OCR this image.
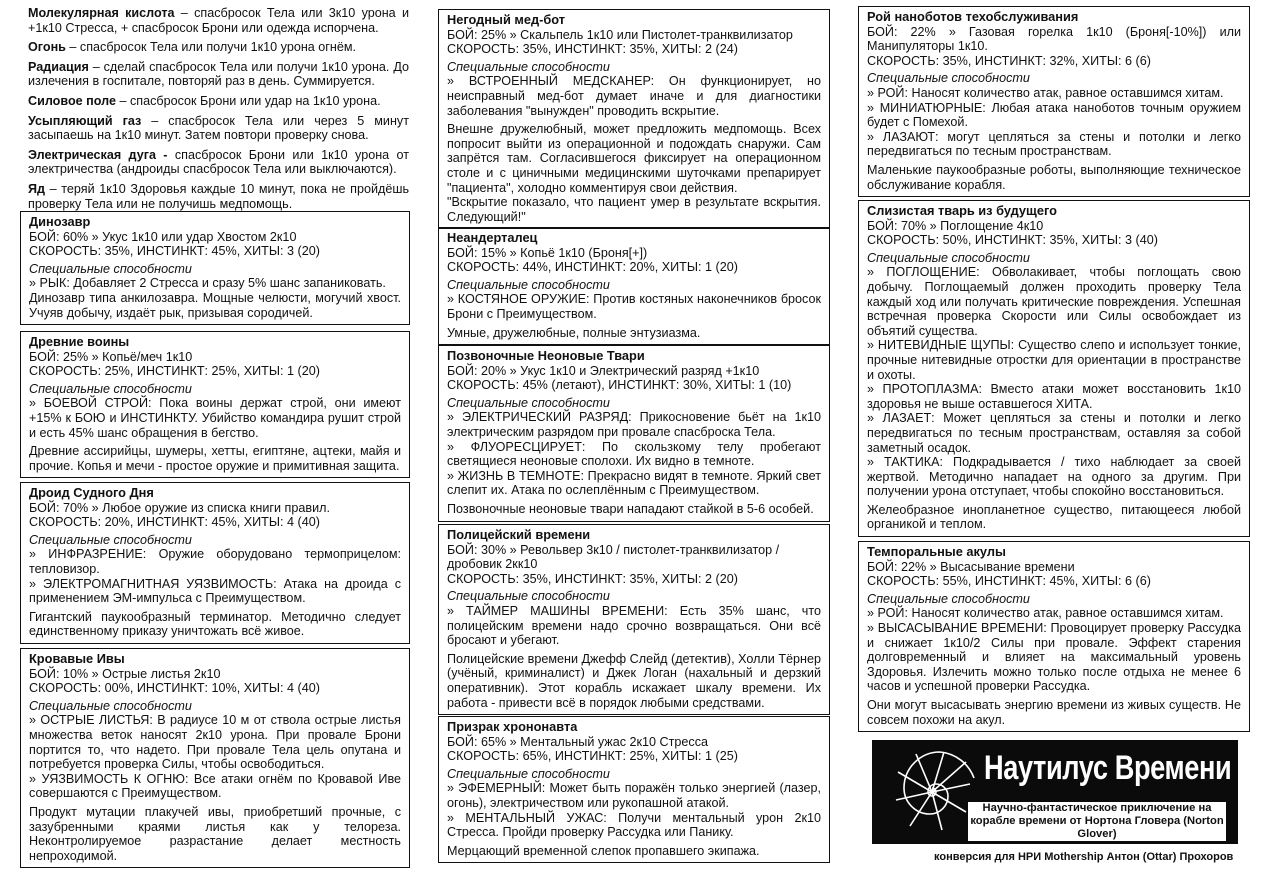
Молекулярная кислота – спасбросок Тела или 3к10 урона и +1к10 Стресса, + спасбросок Брони или одежда испорчена.

Огонь – спасбросок Тела или получи 1к10 урона огнём.

Радиация – сделай спасбросок Тела или получи 1к10 урона. До излечения в госпитале, повторяй раз в день. Суммируется.

Силовое поле – спасбросок Брони или удар на 1к10 урона.

Усыпляющий газ – спасбросок Тела или через 5 минут засыпаешь на 1к10 минут. Затем повтори проверку снова.

Электрическая дуга - спасбросок Брони или 1к10 урона от электричества (андроиды спасбросок Тела или выключаются).

Яд – теряй 1к10 Здоровья каждые 10 минут, пока не пройдёшь проверку Тела или не получишь медпомощь.

Динозавр
БОЙ: 60% » Укус 1к10 или удар Хвостом 2к10
СКОРОСТЬ: 35%, ИНСТИНКТ: 45%, ХИТЫ: 3 (20)
Специальные способности
» РЫК: Добавляет 2 Стресса и сразу 5% шанс запаниковать.
Динозавр типа анкилозавра. Мощные челюсти, могучий хвост. Учуяв добычу, издаёт рык, призывая сородичей.
Древние воины
БОЙ: 25% » Копьё/меч 1к10
СКОРОСТЬ: 25%, ИНСТИНКТ: 25%, ХИТЫ: 1 (20)
Специальные способности
» БОЕВОЙ СТРОЙ: Пока воины держат строй, они имеют +15% к БОЮ и ИНСТИНКТУ. Убийство командира рушит строй и есть 45% шанс обращения в бегство.
Древние ассирийцы, шумеры, хетты, египтяне, ацтеки, майя и прочие. Копья и мечи - простое оружие и примитивная защита.
Дроид Судного Дня
БОЙ: 70% » Любое оружие из списка книги правил.
СКОРОСТЬ: 20%, ИНСТИНКТ: 45%, ХИТЫ: 4 (40)
Специальные способности
» ИНФРАЗРЕНИЕ: Оружие оборудовано термоприцелом: тепловизор.
» ЭЛЕКТРОМАГНИТНАЯ УЯЗВИМОСТЬ: Атака на дроида с применением ЭМ-импульса с Преимуществом.
Гигантский паукообразный терминатор. Методично следует единственному приказу уничтожать всё живое.
Кровавые Ивы
БОЙ: 10% » Острые листья 2к10
СКОРОСТЬ: 00%, ИНСТИНКТ: 10%, ХИТЫ: 4 (40)
Специальные способности
» ОСТРЫЕ ЛИСТЬЯ: В радиусе 10 м от ствола острые листья множества веток наносят 2к10 урона. При провале Брони портится то, что надето. При провале Тела цель опутана и потребуется проверка Силы, чтобы освободиться.
» УЯЗВИМОСТЬ К ОГНЮ: Все атаки огнём по Кровавой Иве совершаются с Преимуществом.
Продукт мутации плакучей ивы, приобретший прочные, с зазубренными краями листья как у телореза. Неконтролируемое разрастание делает местность непроходимой.
Негодный мед-бот
БОЙ: 25% » Скальпель 1к10 или Пистолет-транквилизатор
СКОРОСТЬ: 35%, ИНСТИНКТ: 35%, ХИТЫ: 2 (24)
Специальные способности
» ВСТРОЕННЫЙ МЕДСКАНЕР: Он функционирует, но неисправный мед-бот думает иначе и для диагностики заболевания "вынужден" проводить вскрытие.
Внешне дружелюбный, может предложить медпомощь. Всех попросит выйти из операционной и подождать снаружи. Сам запрётся там. Согласившегося фиксирует на операционном столе и с циничными медицинскими шуточками препарирует "пациента", холодно комментируя свои действия.
"Вскрытие показало, что пациент умер в результате вскрытия. Следующий!"
Неандерталец
БОЙ: 15% » Копьё 1к10 (Броня[+])
СКОРОСТЬ: 44%, ИНСТИНКТ: 20%, ХИТЫ: 1 (20)
Специальные способности
» КОСТЯНОЕ ОРУЖИЕ: Против костяных наконечников бросок Брони с Преимуществом.
Умные, дружелюбные, полные энтузиазма.
Позвоночные Неоновые Твари
БОЙ: 20% » Укус 1к10 и Электрический разряд +1к10
СКОРОСТЬ: 45% (летают), ИНСТИНКТ: 30%, ХИТЫ: 1 (10)
Специальные способности
» ЭЛЕКТРИЧЕСКИЙ РАЗРЯД: Прикосновение бьёт на 1к10 электрическим разрядом при провале спасброска Тела.
» ФЛУОРЕСЦИРУЕТ: По скользкому телу пробегают светящиеся неоновые сполохи. Их видно в темноте.
» ЖИЗНЬ В ТЕМНОТЕ: Прекрасно видят в темноте. Яркий свет слепит их. Атака по ослеплённым с Преимуществом.
Позвоночные неоновые твари нападают стайкой в 5-6 особей.
Полицейский времени
БОЙ: 30% » Револьвер 3к10 / пистолет-транквилизатор / дробовик 2кк10
СКОРОСТЬ: 35%, ИНСТИНКТ: 35%, ХИТЫ: 2 (20)
Специальные способности
» ТАЙМЕР МАШИНЫ ВРЕМЕНИ: Есть 35% шанс, что полицейским времени надо срочно возвращаться. Они всё бросают и убегают.
Полицейские времени Джефф Слейд (детектив), Холли Тёрнер (учёный, криминалист) и Джек Логан (нахальный и дерзкий оперативник). Этот корабль искажает шкалу времени. Их работа - привести всё в порядок любыми средствами.
Призрак хрононавта
БОЙ: 65% » Ментальный ужас 2к10 Стресса
СКОРОСТЬ: 65%, ИНСТИНКТ: 25%, ХИТЫ: 1 (25)
Специальные способности
» ЭФЕМЕРНЫЙ: Может быть поражён только энергией (лазер, огонь), электричеством или рукопашной атакой.
» МЕНТАЛЬНЫЙ УЖАС: Получи ментальный урон 2к10 Стресса. Пройди проверку Рассудка или Панику.
Мерцающий временной слепок пропавшего экипажа.
Рой наноботов техобслуживания
БОЙ: 22% » Газовая горелка 1к10 (Броня[-10%]) или Манипуляторы 1к10.
СКОРОСТЬ: 35%, ИНСТИНКТ: 32%, ХИТЫ: 6 (6)
Специальные способности
» РОЙ: Наносят количество атак, равное оставшимся хитам.
» МИНИАТЮРНЫЕ: Любая атака наноботов точным оружием будет с Помехой.
» ЛАЗАЮТ: могут цепляться за стены и потолки и легко передвигаться по тесным пространствам.
Маленькие паукообразные роботы, выполняющие техническое обслуживание корабля.
Слизистая тварь из будущего
БОЙ: 70% » Поглощение 4к10
СКОРОСТЬ: 50%, ИНСТИНКТ: 35%, ХИТЫ: 3 (40)
Специальные способности
» ПОГЛОЩЕНИЕ: Обволакивает, чтобы поглощать свою добычу. Поглощаемый должен проходить проверку Тела каждый ход или получать критические повреждения. Успешная встречная проверка Скорости или Силы освобождает из объятий существа.
» НИТЕВИДНЫЕ ЩУПЫ: Существо слепо и использует тонкие, прочные нитевидные отростки для ориентации в пространстве и охоты.
» ПРОТОПЛАЗМА: Вместо атаки может восстановить 1к10 здоровья не выше оставшегося ХИТА.
» ЛАЗАЕТ: Может цепляться за стены и потолки и легко передвигаться по тесным пространствам, оставляя за собой заметный осадок.
» ТАКТИКА: Подкрадывается / тихо наблюдает за своей жертвой. Методично нападает на одного за другим. При получении урона отступает, чтобы спокойно восстановиться.
Желеобразное инопланетное существо, питающееся любой органикой и теплом.
Темпоральные акулы
БОЙ: 22% » Высасывание времени
СКОРОСТЬ: 55%, ИНСТИНКТ: 45%, ХИТЫ: 6 (6)
Специальные способности
» РОЙ: Наносят количество атак, равное оставшимся хитам.
» ВЫСАСЫВАНИЕ ВРЕМЕНИ: Провоцирует проверку Рассудка и снижает 1к10/2 Силы при провале. Эффект старения долговременный и влияет на максимальный уровень Здоровья. Излечить можно только после отдыха не менее 6 часов и успешной проверки Рассудка.
Они могут высасывать энергию времени из живых существ. Не совсем похожи на акул.
Наутилус Времени
Научно-фантастическое приключение на корабле времени от Нортона Гловера (Norton Glover)
конверсия для НРИ Mothership Антон (Ottar) Прохоров
